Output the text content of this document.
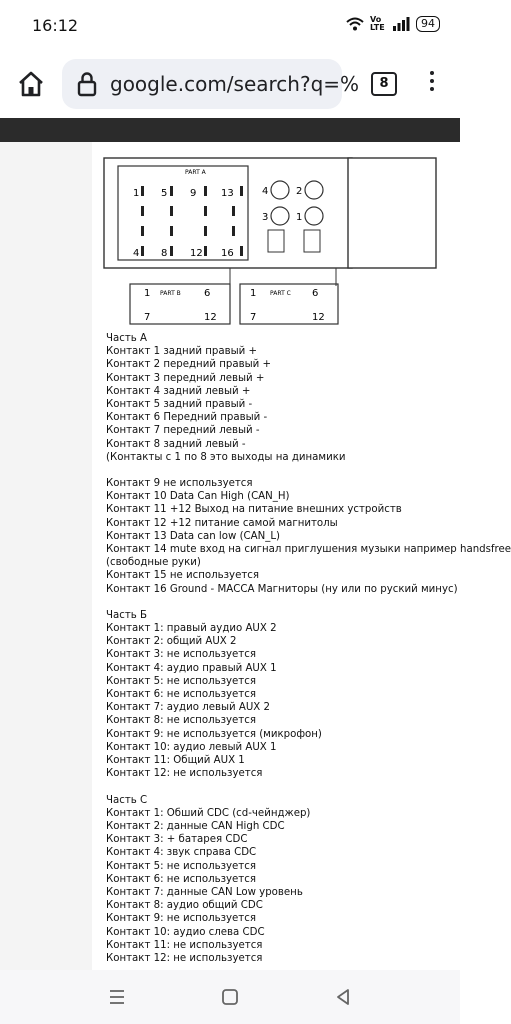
16:12	Vo LTE	94
google.com/search?q=%	8
PART A
1 5 9 13
4 8 12 16
4	2
3	1
PART B	PART C
1	6
7	12
1	6
7	12
Часть А
Контакт 1 задний правый +
Контакт 2 передний правый +
Контакт 3 передний левый +
Контакт 4 задний левый +
Контакт 5 задний правый -
Контакт 6 Передний правый -
Контакт 7 передний левый -
Контакт 8 задний левый -
(Контакты с 1 по 8 это выходы на динамики
Контакт 9 не используется
Контакт 10 Data Can High (CAN_H)
Контакт 11 +12 Выход на питание внешних устройств
Контакт 12 +12 питание самой магнитолы
Контакт 13 Data can low (CAN_L)
Контакт 14 mute вход на сигнал приглушения музыки например handsfree
(свободные руки)
Контакт 15 не используется
Контакт 16 Ground - МАССА Магниторы (ну или по руский минус)
Часть Б
Контакт 1: правый аудио AUX 2
Контакт 2: общий AUX 2
Контакт 3: не используется
Контакт 4: аудио правый AUX 1
Контакт 5: не используется
Контакт 6: не используется
Контакт 7: аудио левый AUX 2
Контакт 8: не используется
Контакт 9: не используется (микрофон)
Контакт 10: аудио левый AUX 1
Контакт 11: Общий AUX 1
Контакт 12: не используется
Часть С
Контакт 1: Обший CDC (cd-чейнджер)
Контакт 2: данные CAN High CDC
Контакт 3: + батарея CDC
Контакт 4: звук справа CDC
Контакт 5: не используется
Контакт 6: не используется
Контакт 7: данные CAN Low уровень
Контакт 8: аудио общий CDC
Контакт 9: не используется
Контакт 10: аудио слева CDC
Контакт 11: не используется
Контакт 12: не используется
